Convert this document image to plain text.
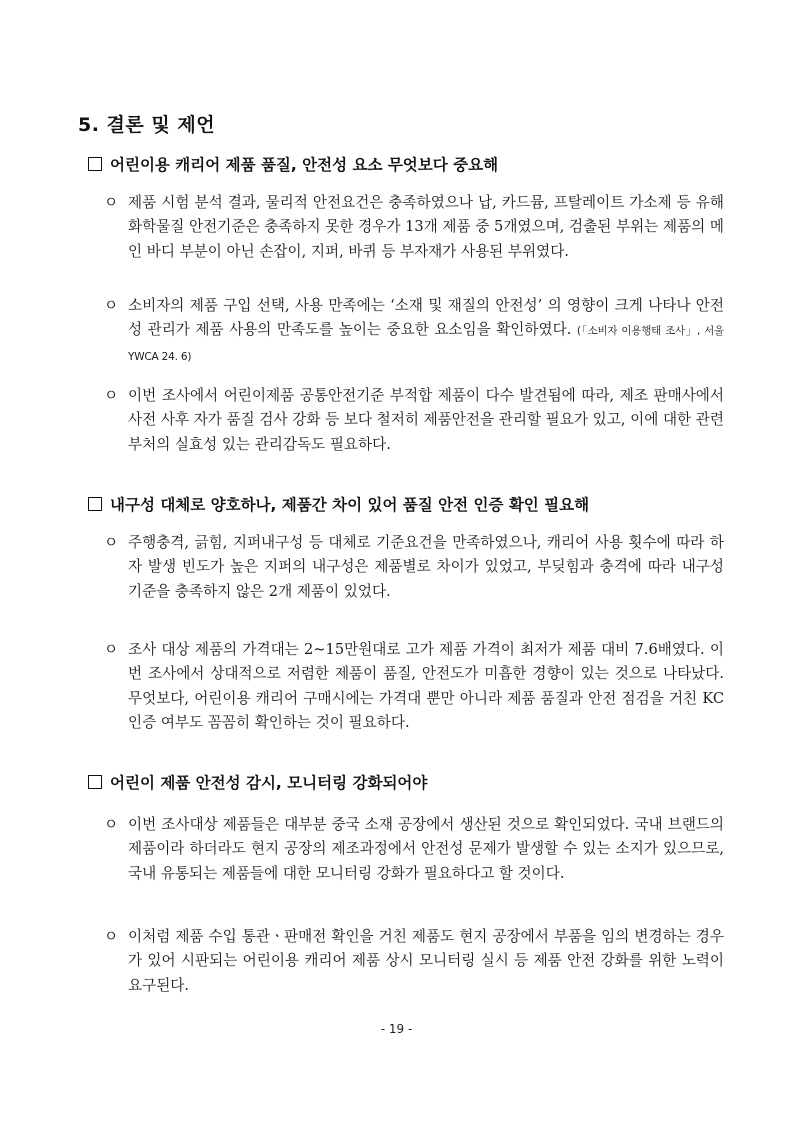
5. 결론 및 제언
어린이용 캐리어 제품 품질, 안전성 요소 무엇보다 중요해
ㅇ 제품 시험 분석 결과, 물리적 안전요건은 충족하였으나 납, 카드뮴, 프탈레이트 가소제 등 유해화학물질 안전기준은 충족하지 못한 경우가 13개 제품 중 5개였으며, 검출된 부위는 제품의 메인 바디 부분이 아닌 손잡이, 지퍼, 바퀴 등 부자재가 사용된 부위였다.
ㅇ 소비자의 제품 구입 선택, 사용 만족에는 ‘소재 및 재질의 안전성’ 의 영향이 크게 나타나 안전성 관리가 제품 사용의 만족도를 높이는 중요한 요소임을 확인하였다. (「소비자 이용행태 조사」, 서울YWCA 24. 6)
ㅇ 이번 조사에서 어린이제품 공통안전기준 부적합 제품이 다수 발견됨에 따라, 제조 판매사에서 사전 사후 자가 품질 검사 강화 등 보다 철저히 제품안전을 관리할 필요가 있고, 이에 대한 관련 부처의 실효성 있는 관리감독도 필요하다.
내구성 대체로 양호하나, 제품간 차이 있어 품질 안전 인증 확인 필요해
ㅇ 주행충격, 긁힘, 지퍼내구성 등 대체로 기준요건을 만족하였으나, 캐리어 사용 횟수에 따라 하자 발생 빈도가 높은 지퍼의 내구성은 제품별로 차이가 있었고, 부딪힘과 충격에 따라 내구성 기준을 충족하지 않은 2개 제품이 있었다.
ㅇ 조사 대상 제품의 가격대는 2~15만원대로 고가 제품 가격이 최저가 제품 대비 7.6배였다. 이번 조사에서 상대적으로 저렴한 제품이 품질, 안전도가 미흡한 경향이 있는 것으로 나타났다. 무엇보다, 어린이용 캐리어 구매시에는 가격대 뿐만 아니라 제품 품질과 안전 점검을 거친 KC인증 여부도 꼼꼼히 확인하는 것이 필요하다.
어린이 제품 안전성 감시, 모니터링 강화되어야
ㅇ 이번 조사대상 제품들은 대부분 중국 소재 공장에서 생산된 것으로 확인되었다. 국내 브랜드의 제품이라 하더라도 현지 공장의 제조과정에서 안전성 문제가 발생할 수 있는 소지가 있으므로, 국내 유통되는 제품들에 대한 모니터링 강화가 필요하다고 할 것이다.
ㅇ 이처럼 제품 수입 통관ㆍ판매전 확인을 거친 제품도 현지 공장에서 부품을 임의 변경하는 경우가 있어 시판되는 어린이용 캐리어 제품 상시 모니터링 실시 등 제품 안전 강화를 위한 노력이 요구된다.
- 19 -
